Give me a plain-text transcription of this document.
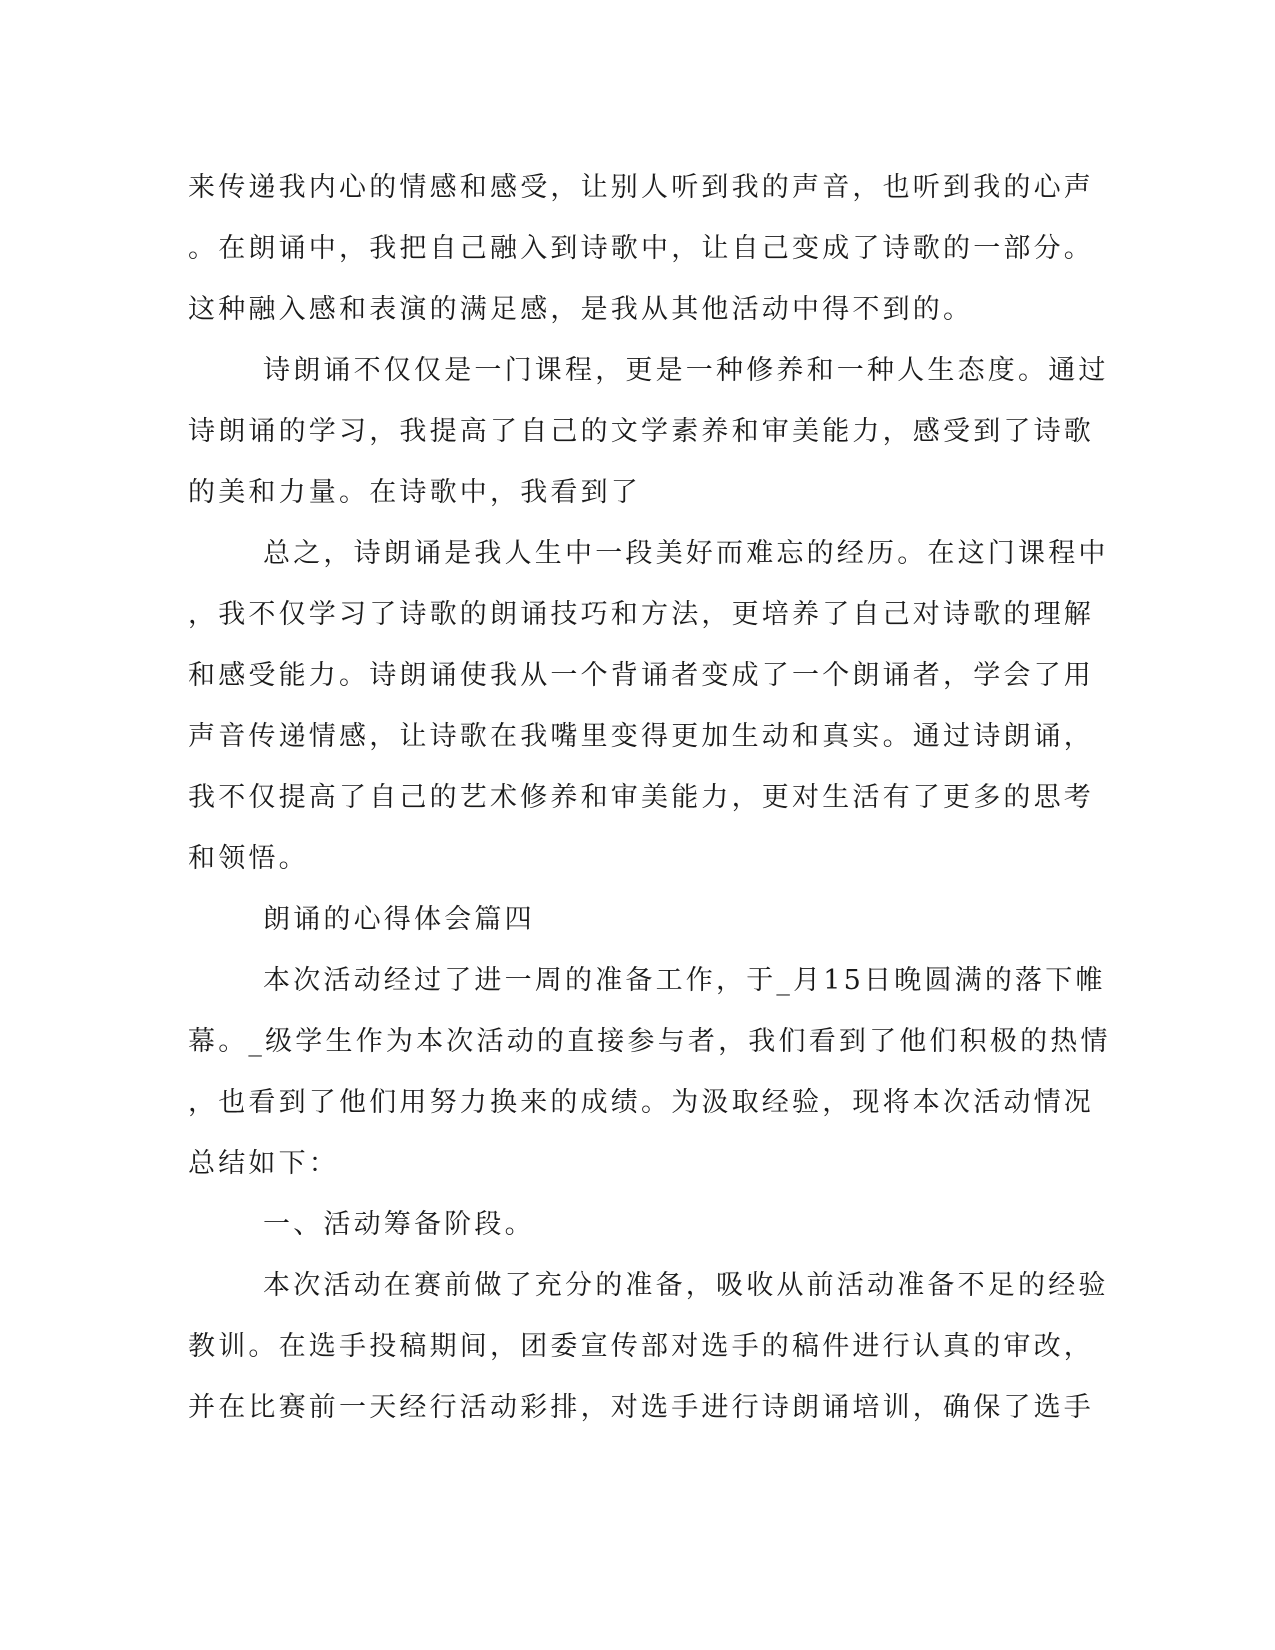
来传递我内心的情感和感受，让别人听到我的声音，也听到我的心声
。在朗诵中，我把自己融入到诗歌中，让自己变成了诗歌的一部分。
这种融入感和表演的满足感，是我从其他活动中得不到的。
诗朗诵不仅仅是一门课程，更是一种修养和一种人生态度。通过
诗朗诵的学习，我提高了自己的文学素养和审美能力，感受到了诗歌
的美和力量。在诗歌中，我看到了
总之，诗朗诵是我人生中一段美好而难忘的经历。在这门课程中
，我不仅学习了诗歌的朗诵技巧和方法，更培养了自己对诗歌的理解
和感受能力。诗朗诵使我从一个背诵者变成了一个朗诵者，学会了用
声音传递情感，让诗歌在我嘴里变得更加生动和真实。通过诗朗诵，
我不仅提高了自己的艺术修养和审美能力，更对生活有了更多的思考
和领悟。
朗诵的心得体会篇四
本次活动经过了进一周的准备工作，于_月15日晚圆满的落下帷
幕。_级学生作为本次活动的直接参与者，我们看到了他们积极的热情
，也看到了他们用努力换来的成绩。为汲取经验，现将本次活动情况
总结如下：
一、活动筹备阶段。
本次活动在赛前做了充分的准备，吸收从前活动准备不足的经验
教训。在选手投稿期间，团委宣传部对选手的稿件进行认真的审改，
并在比赛前一天经行活动彩排，对选手进行诗朗诵培训，确保了选手
